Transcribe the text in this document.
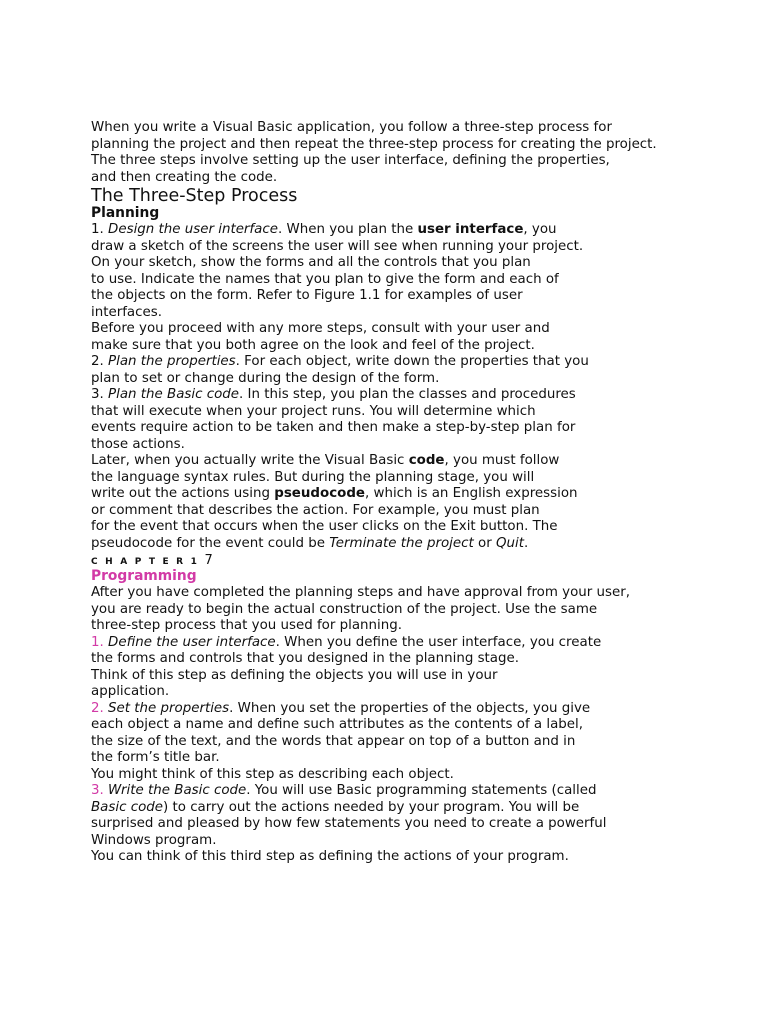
When you write a Visual Basic application, you follow a three-step process for
planning the project and then repeat the three-step process for creating the project.
The three steps involve setting up the user interface, defining the properties,
and then creating the code.
The Three-Step Process
Planning
1. Design the user interface. When you plan the user interface, you
draw a sketch of the screens the user will see when running your project.
On your sketch, show the forms and all the controls that you plan
to use. Indicate the names that you plan to give the form and each of
the objects on the form. Refer to Figure 1.1 for examples of user
interfaces.
Before you proceed with any more steps, consult with your user and
make sure that you both agree on the look and feel of the project.
2. Plan the properties. For each object, write down the properties that you
plan to set or change during the design of the form.
3. Plan the Basic code. In this step, you plan the classes and procedures
that will execute when your project runs. You will determine which
events require action to be taken and then make a step-by-step plan for
those actions.
Later, when you actually write the Visual Basic code, you must follow
the language syntax rules. But during the planning stage, you will
write out the actions using pseudocode, which is an English expression
or comment that describes the action. For example, you must plan
for the event that occurs when the user clicks on the Exit button. The
pseudocode for the event could be Terminate the project or Quit.
C H A P T E R 1 7
Programming
After you have completed the planning steps and have approval from your user,
you are ready to begin the actual construction of the project. Use the same
three-step process that you used for planning.
1. Define the user interface. When you define the user interface, you create
the forms and controls that you designed in the planning stage.
Think of this step as defining the objects you will use in your
application.
2. Set the properties. When you set the properties of the objects, you give
each object a name and define such attributes as the contents of a label,
the size of the text, and the words that appear on top of a button and in
the form’s title bar.
You might think of this step as describing each object.
3. Write the Basic code. You will use Basic programming statements (called
Basic code) to carry out the actions needed by your program. You will be
surprised and pleased by how few statements you need to create a powerful
Windows program.
You can think of this third step as defining the actions of your program.
